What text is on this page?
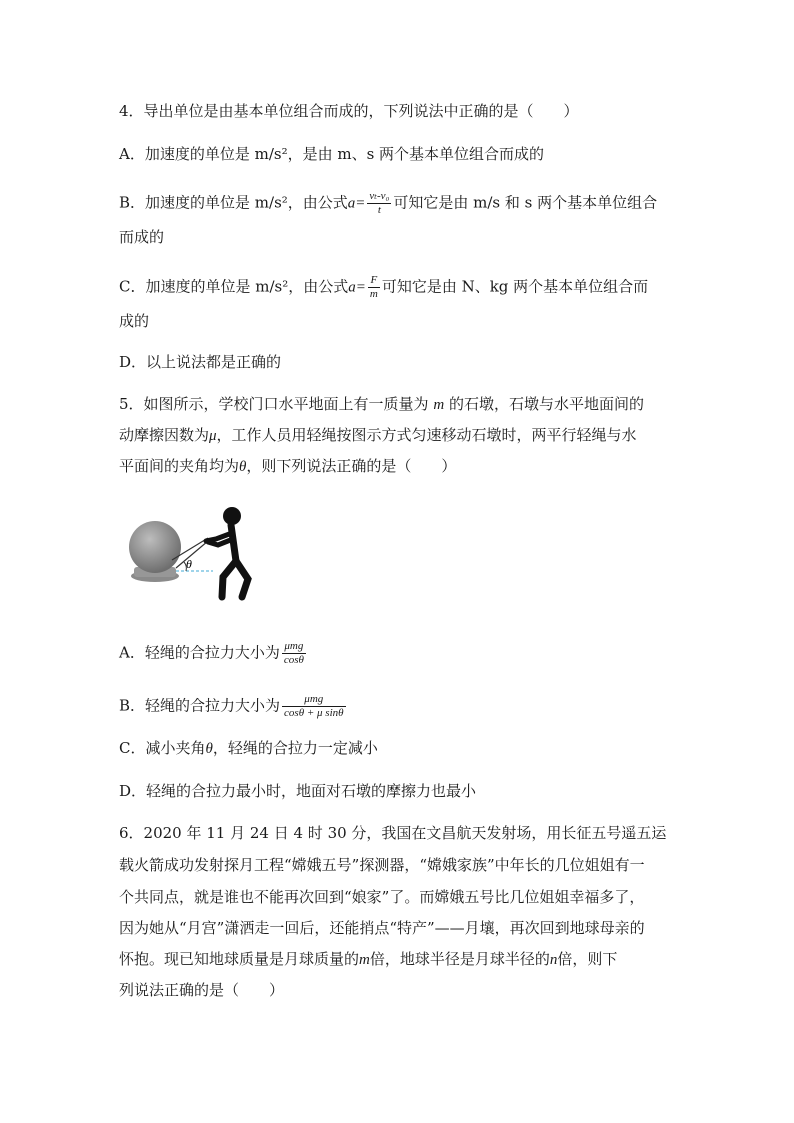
4．导出单位是由基本单位组合而成的，下列说法中正确的是（　　）
A．加速度的单位是 m/s²，是由 m、s 两个基本单位组合而成的
B．加速度的单位是 m/s²，由公式$a= \frac{\text{vₜ-v₀}}{t}$ 可知它是由 m/s 和 s 两个基本单位组合
而成的
C．加速度的单位是 m/s²，由公式$a= \frac{F}{m}$ 可知它是由 N、kg 两个基本单位组合而
成的
D．以上说法都是正确的
5．如图所示，学校门口水平地面上有一质量为 m 的石墩，石墩与水平地面间的
动摩擦因数为μ，工作人员用轻绳按图示方式匀速移动石墩时，两平行轻绳与水
平面间的夹角均为θ，则下列说法正确的是（　　）
θ
A．轻绳的合拉力大小为 $\frac{\text{μmg}}{\cos\theta}$
B．轻绳的合拉力大小为 $\frac{\text{μmg}}{\text{cosθ + μ sinθ}}$
C．减小夹角θ，轻绳的合拉力一定减小
D．轻绳的合拉力最小时，地面对石墩的摩擦力也最小
6．2020 年 11 月 24 日 4 时 30 分，我国在文昌航天发射场，用长征五号遥五运
载火箭成功发射探月工程“嫦娥五号”探测器，“嫦娥家族”中年长的几位姐姐有一
个共同点，就是谁也不能再次回到“娘家”了。而嫦娥五号比几位姐姐幸福多了，
因为她从“月宫”潇洒走一回后，还能捎点“特产”——月壤，再次回到地球母亲的
怀抱。现已知地球质量是月球质量的m倍，地球半径是月球半径的n倍，则下
列说法正确的是（　　）
